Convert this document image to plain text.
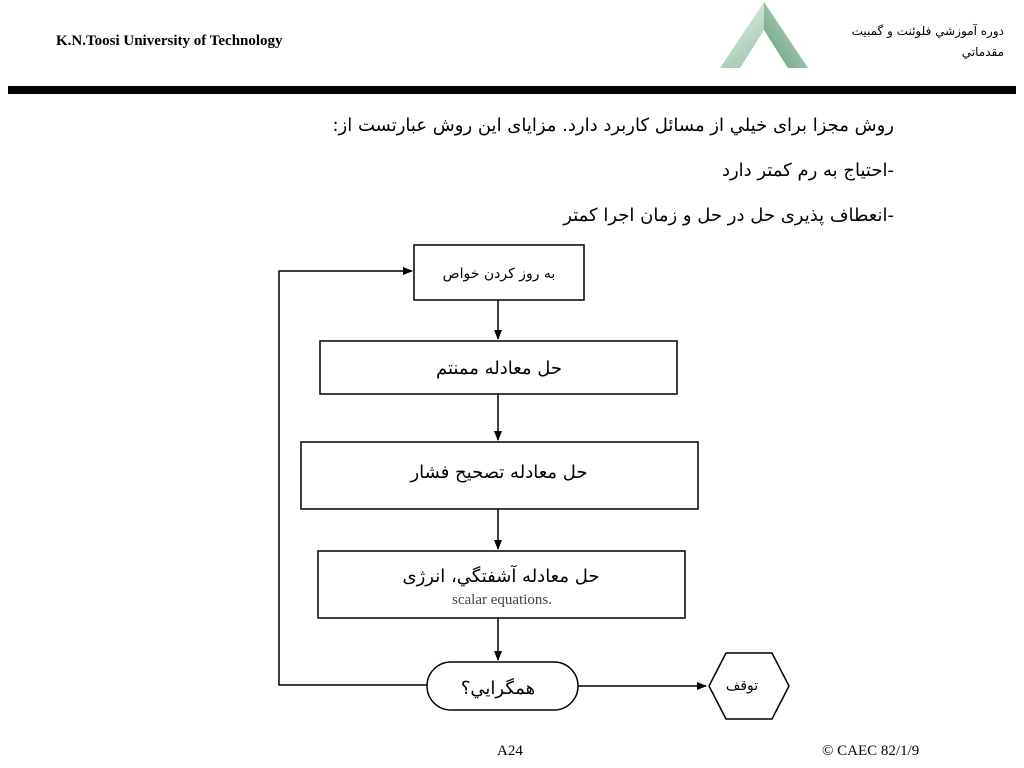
K.N.Toosi University of Technology
دوره آموزشي فلوئنت و گمبيت
مقدماتي
روش مجزا براى خيلي از مسائل كاربرد دارد. مزاياى اين روش عبارتست از:
-احتياج به رم كمتر دارد
-انعطاف پذيرى حل در حل و زمان اجرا كمتر
به روز كردن خواص
حل معادله ممنتم
حل معادله تصحيح فشار
حل معادله آشفتگي، انرژى
scalar equations.
همگرايي؟	توقف
A24	© CAEC 82/1/9
